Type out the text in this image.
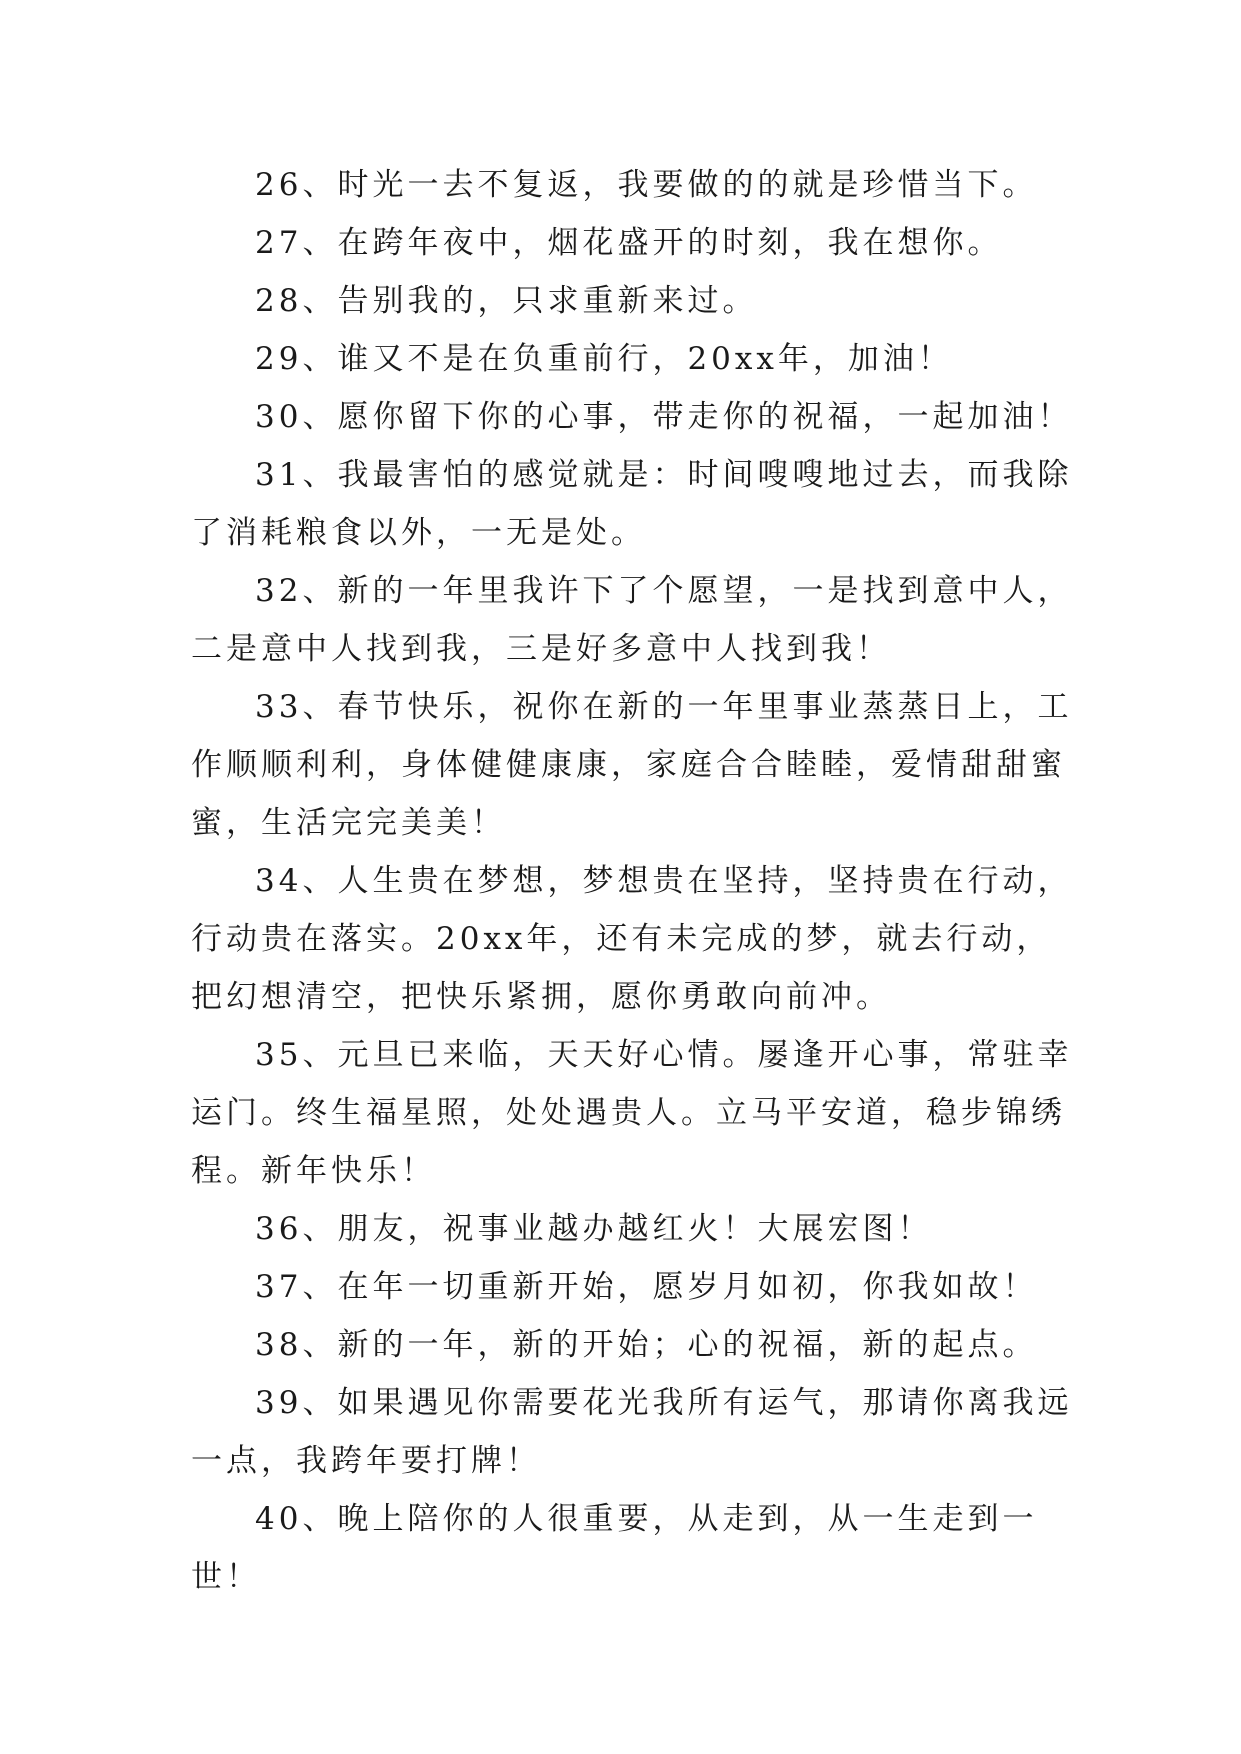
26、时光一去不复返，我要做的的就是珍惜当下。

27、在跨年夜中，烟花盛开的时刻，我在想你。

28、告别我的，只求重新来过。

29、谁又不是在负重前行，20xx年，加油！

30、愿你留下你的心事，带走你的祝福，一起加油！

31、我最害怕的感觉就是：时间嗖嗖地过去，而我除了消耗粮食以外，一无是处。

32、新的一年里我许下了个愿望，一是找到意中人，二是意中人找到我，三是好多意中人找到我！

33、春节快乐，祝你在新的一年里事业蒸蒸日上，工作顺顺利利，身体健健康康，家庭合合睦睦，爱情甜甜蜜蜜，生活完完美美！

34、人生贵在梦想，梦想贵在坚持，坚持贵在行动，行动贵在落实。20xx年，还有未完成的梦，就去行动，把幻想清空，把快乐紧拥，愿你勇敢向前冲。

35、元旦已来临，天天好心情。屡逢开心事，常驻幸运门。终生福星照，处处遇贵人。立马平安道，稳步锦绣程。新年快乐！

36、朋友，祝事业越办越红火！大展宏图！

37、在年一切重新开始，愿岁月如初，你我如故！

38、新的一年，新的开始；心的祝福，新的起点。

39、如果遇见你需要花光我所有运气，那请你离我远一点，我跨年要打牌！

40、晚上陪你的人很重要，从走到，从一生走到一世！
